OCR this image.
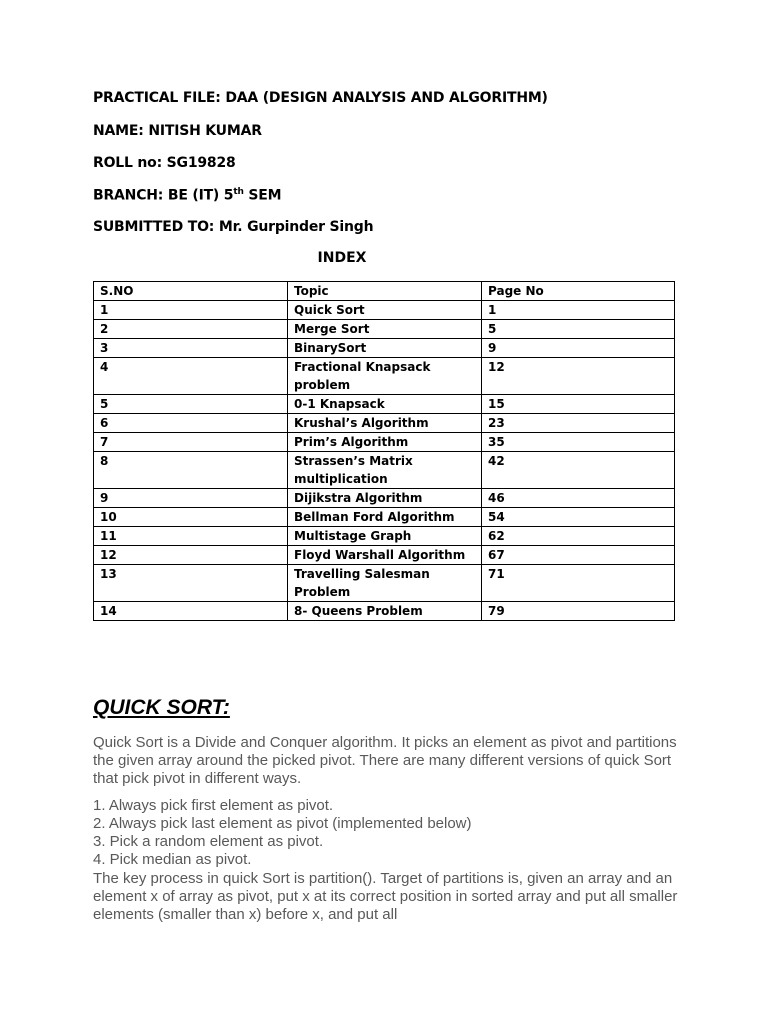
PRACTICAL FILE: DAA (DESIGN ANALYSIS AND ALGORITHM)
NAME: NITISH KUMAR
ROLL no: SG19828
BRANCH: BE (IT) 5th SEM
SUBMITTED TO: Mr. Gurpinder Singh
INDEX
S.NO	Topic	Page No
1	Quick Sort	1
2	Merge Sort	5
3	BinarySort	9
4	Fractional Knapsack problem	12
5	0-1 Knapsack	15
6	Krushal’s Algorithm	23
7	Prim’s Algorithm	35
8	Strassen’s Matrix multiplication	42
9	Dijikstra Algorithm	46
10	Bellman Ford Algorithm	54
11	Multistage Graph	62
12	Floyd Warshall Algorithm	67
13	Travelling Salesman Problem	71
14	8- Queens Problem	79
QUICK SORT:
Quick Sort is a Divide and Conquer algorithm. It picks an element as pivot and partitions the given array around the picked pivot. There are many different versions of quick Sort that pick pivot in different ways.
1. Always pick first element as pivot.
2. Always pick last element as pivot (implemented below)
3. Pick a random element as pivot.
4. Pick median as pivot.
The key process in quick Sort is partition(). Target of partitions is, given an array and an element x of array as pivot, put x at its correct position in sorted array and put all smaller elements (smaller than x) before x, and put all
